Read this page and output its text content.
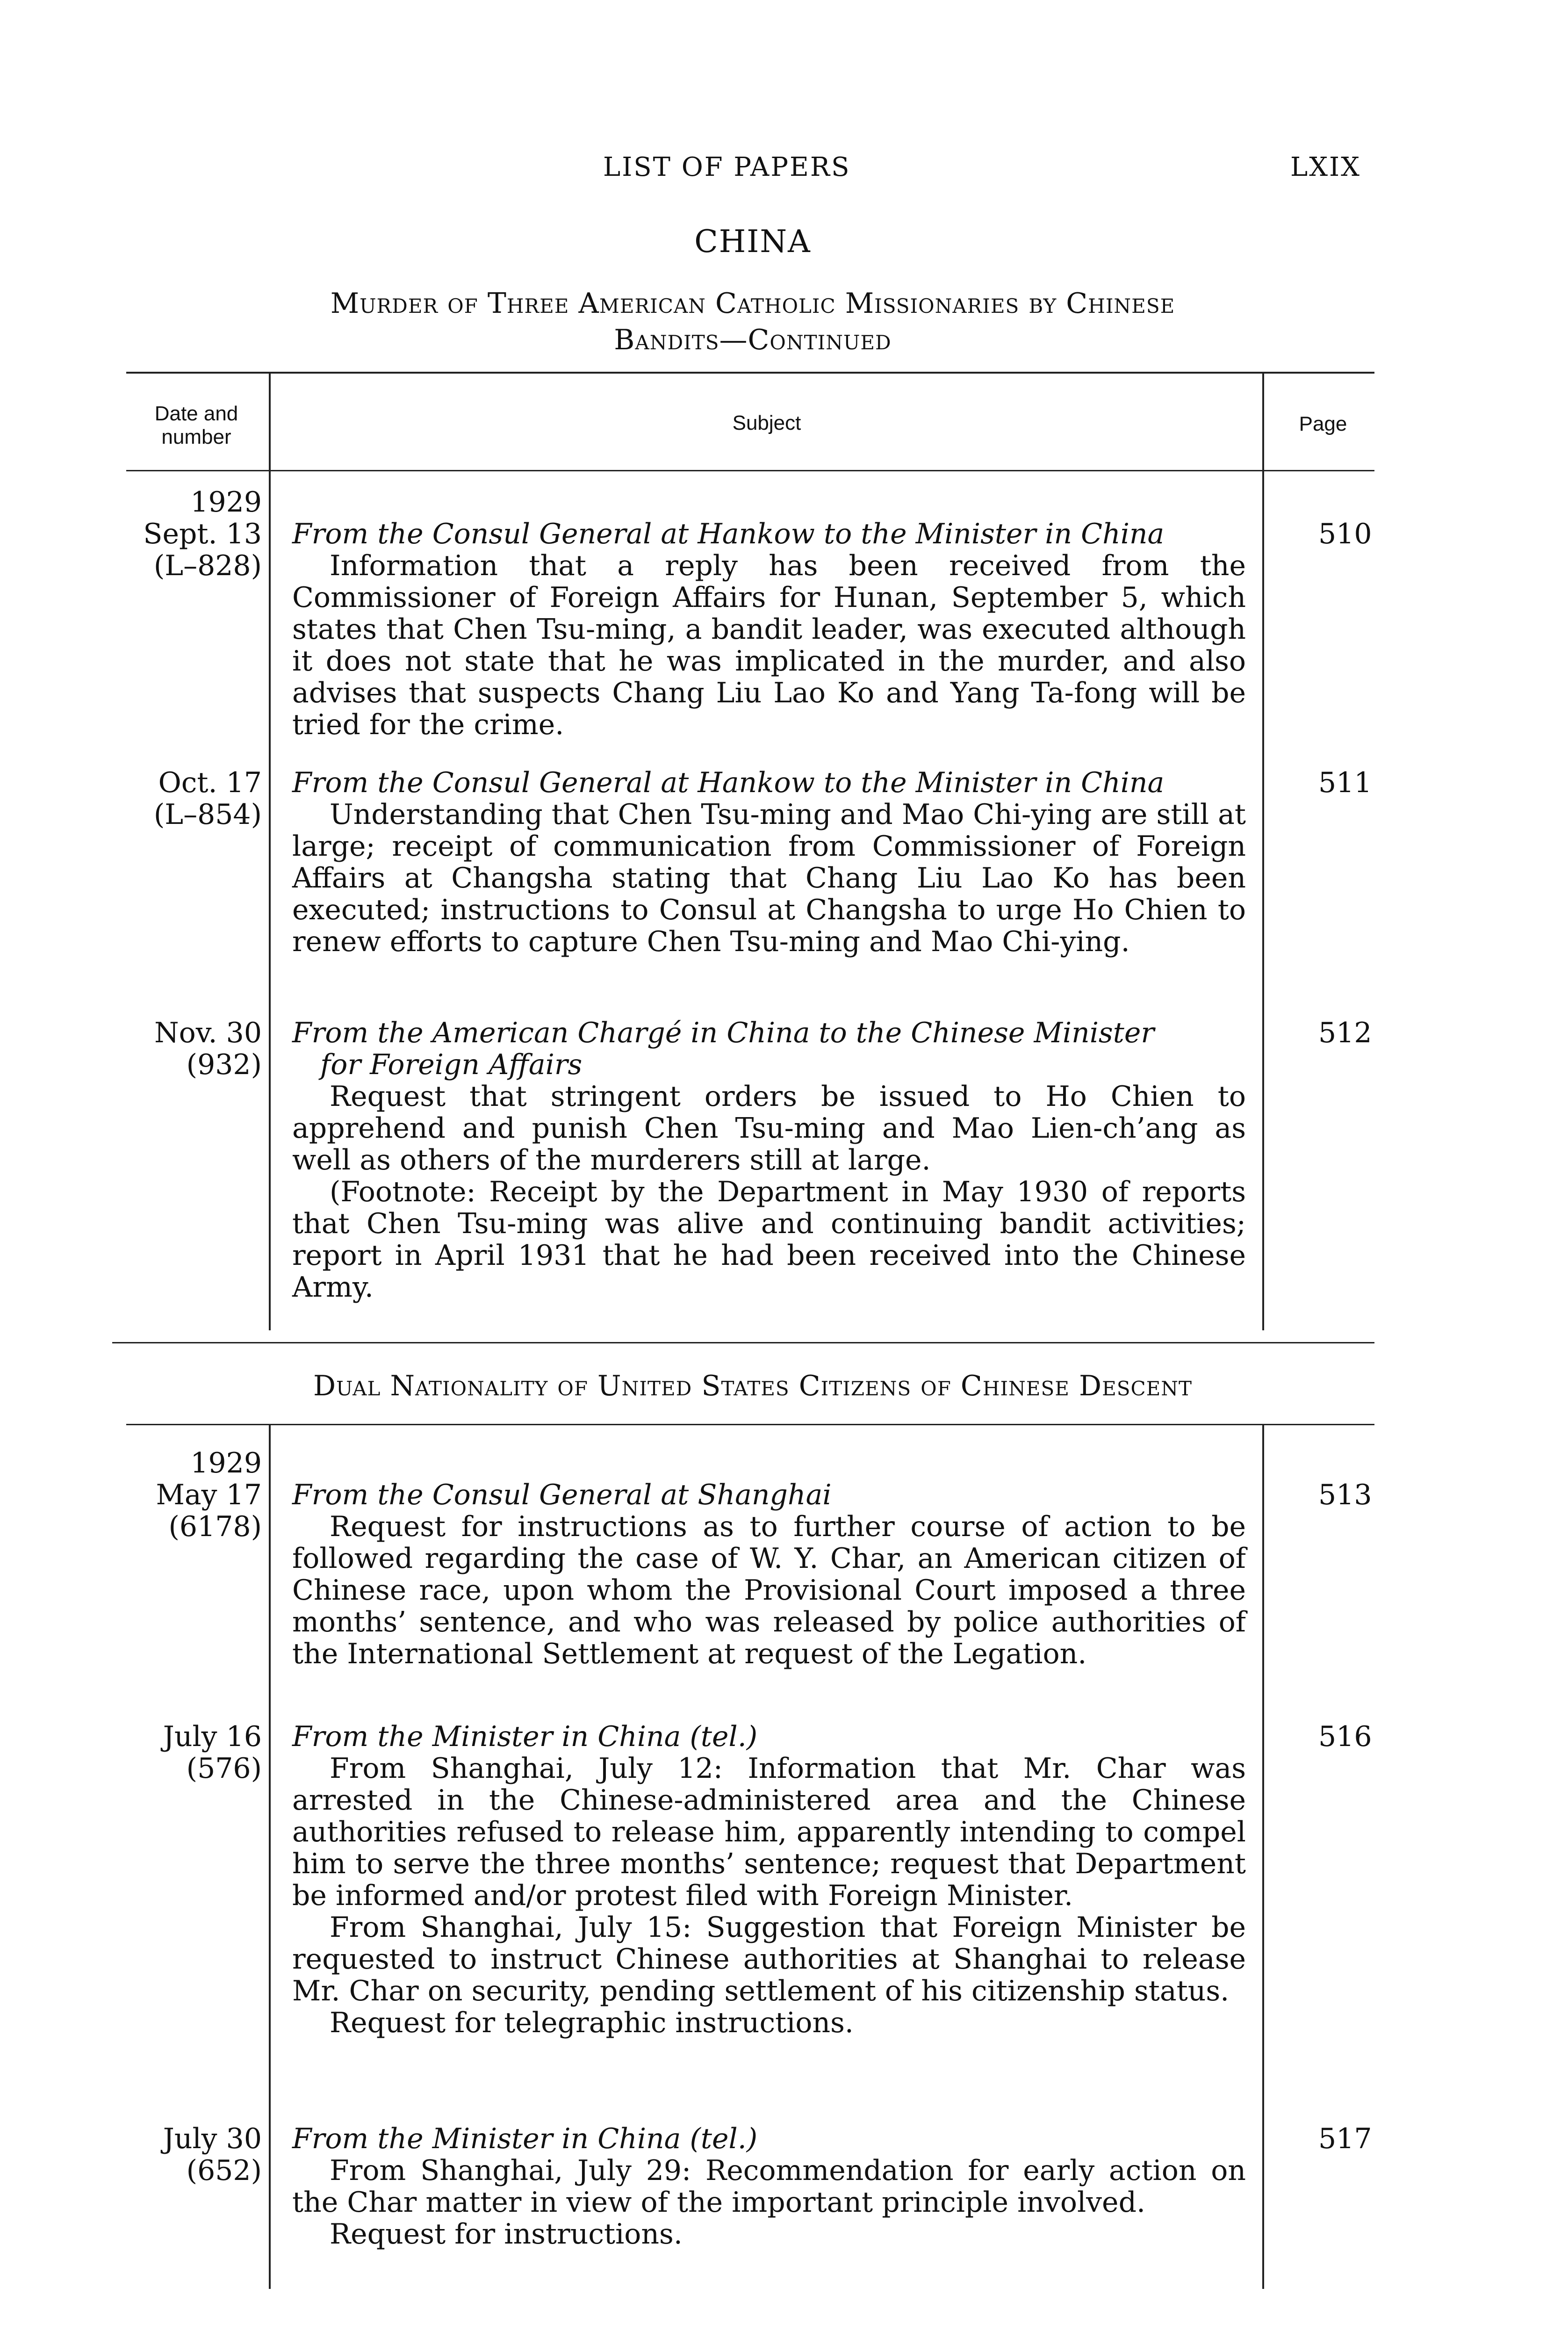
LIST OF PAPERS	LXIX
CHINA
Murder of Three American Catholic Missionaries by Chinese
Bandits—Continued
Date and number
Subject	Page
1929
Sept. 13
(L–828)
From the Consul General at Hankow to the Minister in China

Information that a reply has been received from the Commissioner of Foreign Affairs for Hunan, September 5, which states that Chen Tsu-ming, a bandit leader, was executed although it does not state that he was implicated in the murder, and also advises that suspects Chang Liu Lao Ko and Yang Ta-fong will be tried for the crime.

510
Oct. 17
(L–854)
From the Consul General at Hankow to the Minister in China

Understanding that Chen Tsu-ming and Mao Chi-ying are still at large; receipt of communication from Commissioner of Foreign Affairs at Changsha stating that Chang Liu Lao Ko has been executed; instructions to Consul at Changsha to urge Ho Chien to renew efforts to capture Chen Tsu-ming and Mao Chi-ying.

511
Nov. 30
(932)
From the American Chargé in China to the Chinese Minister
for Foreign Affairs

Request that stringent orders be issued to Ho Chien to apprehend and punish Chen Tsu-ming and Mao Lien-ch’ang as well as others of the murderers still at large.

(Footnote: Receipt by the Department in May 1930 of reports that Chen Tsu-ming was alive and continuing bandit activities; report in April 1931 that he had been received into the Chinese Army.

512
Dual Nationality of United States Citizens of Chinese Descent
1929
May 17
(6178)
From the Consul General at Shanghai

Request for instructions as to further course of action to be followed regarding the case of W. Y. Char, an American citizen of Chinese race, upon whom the Provisional Court imposed a three months’ sentence, and who was released by police authorities of the International Settlement at request of the Legation.

513
July 16
(576)
From the Minister in China (tel.)

From Shanghai, July 12: Information that Mr. Char was arrested in the Chinese-administered area and the Chinese authorities refused to release him, apparently intending to compel him to serve the three months’ sentence; request that Department be informed and/or protest filed with Foreign Minister.

From Shanghai, July 15: Suggestion that Foreign Minister be requested to instruct Chinese authorities at Shanghai to release Mr. Char on security, pending settlement of his citizenship status.

Request for telegraphic instructions.

516
July 30
(652)
From the Minister in China (tel.)

From Shanghai, July 29: Recommendation for early action on the Char matter in view of the important principle involved.

Request for instructions.

517
